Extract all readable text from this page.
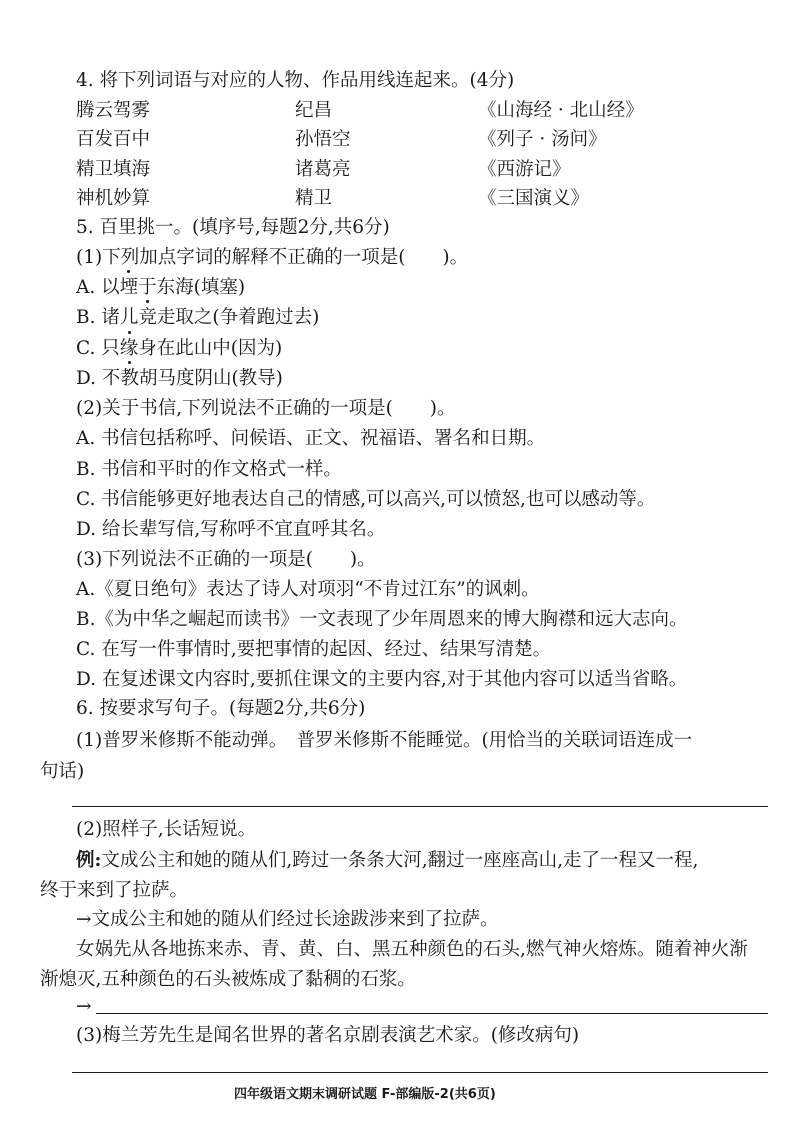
4. 将下列词语与对应的人物、作品用线连起来。(4分)
腾云驾雾	纪昌	《山海经 · 北山经》
百发百中	孙悟空	《列子 · 汤问》
精卫填海	诸葛亮	《西游记》
神机妙算	精卫	《三国演义》
5. 百里挑一。(填序号,每题2分,共6分)
(1)下列加点字词的解释不正确的一项是(　　)。
A. 以堙于东海(填塞)
B. 诸儿竞走取之(争着跑过去)
C. 只缘身在此山中(因为)
D. 不教胡马度阴山(教导)
(2)关于书信,下列说法不正确的一项是(　　)。
A. 书信包括称呼、问候语、正文、祝福语、署名和日期。
B. 书信和平时的作文格式一样。
C. 书信能够更好地表达自己的情感,可以高兴,可以愤怒,也可以感动等。
D. 给长辈写信,写称呼不宜直呼其名。
(3)下列说法不正确的一项是(　　)。
A.《夏日绝句》表达了诗人对项羽“不肯过江东”的讽刺。
B.《为中华之崛起而读书》一文表现了少年周恩来的博大胸襟和远大志向。
C. 在写一件事情时,要把事情的起因、经过、结果写清楚。
D. 在复述课文内容时,要抓住课文的主要内容,对于其他内容可以适当省略。
6. 按要求写句子。(每题2分,共6分)
(1)普罗米修斯不能动弹。　普罗米修斯不能睡觉。(用恰当的关联词语连成一
句话)
(2)照样子,长话短说。
例:文成公主和她的随从们,跨过一条条大河,翻过一座座高山,走了一程又一程,
终于来到了拉萨。
→文成公主和她的随从们经过长途跋涉来到了拉萨。
女娲先从各地拣来赤、青、黄、白、黑五种颜色的石头,燃气神火熔炼。随着神火渐
渐熄灭,五种颜色的石头被炼成了黏稠的石浆。
→
(3)梅兰芳先生是闻名世界的著名京剧表演艺术家。(修改病句)
四年级语文期末调研试题 F-部编版-2(共6页)
